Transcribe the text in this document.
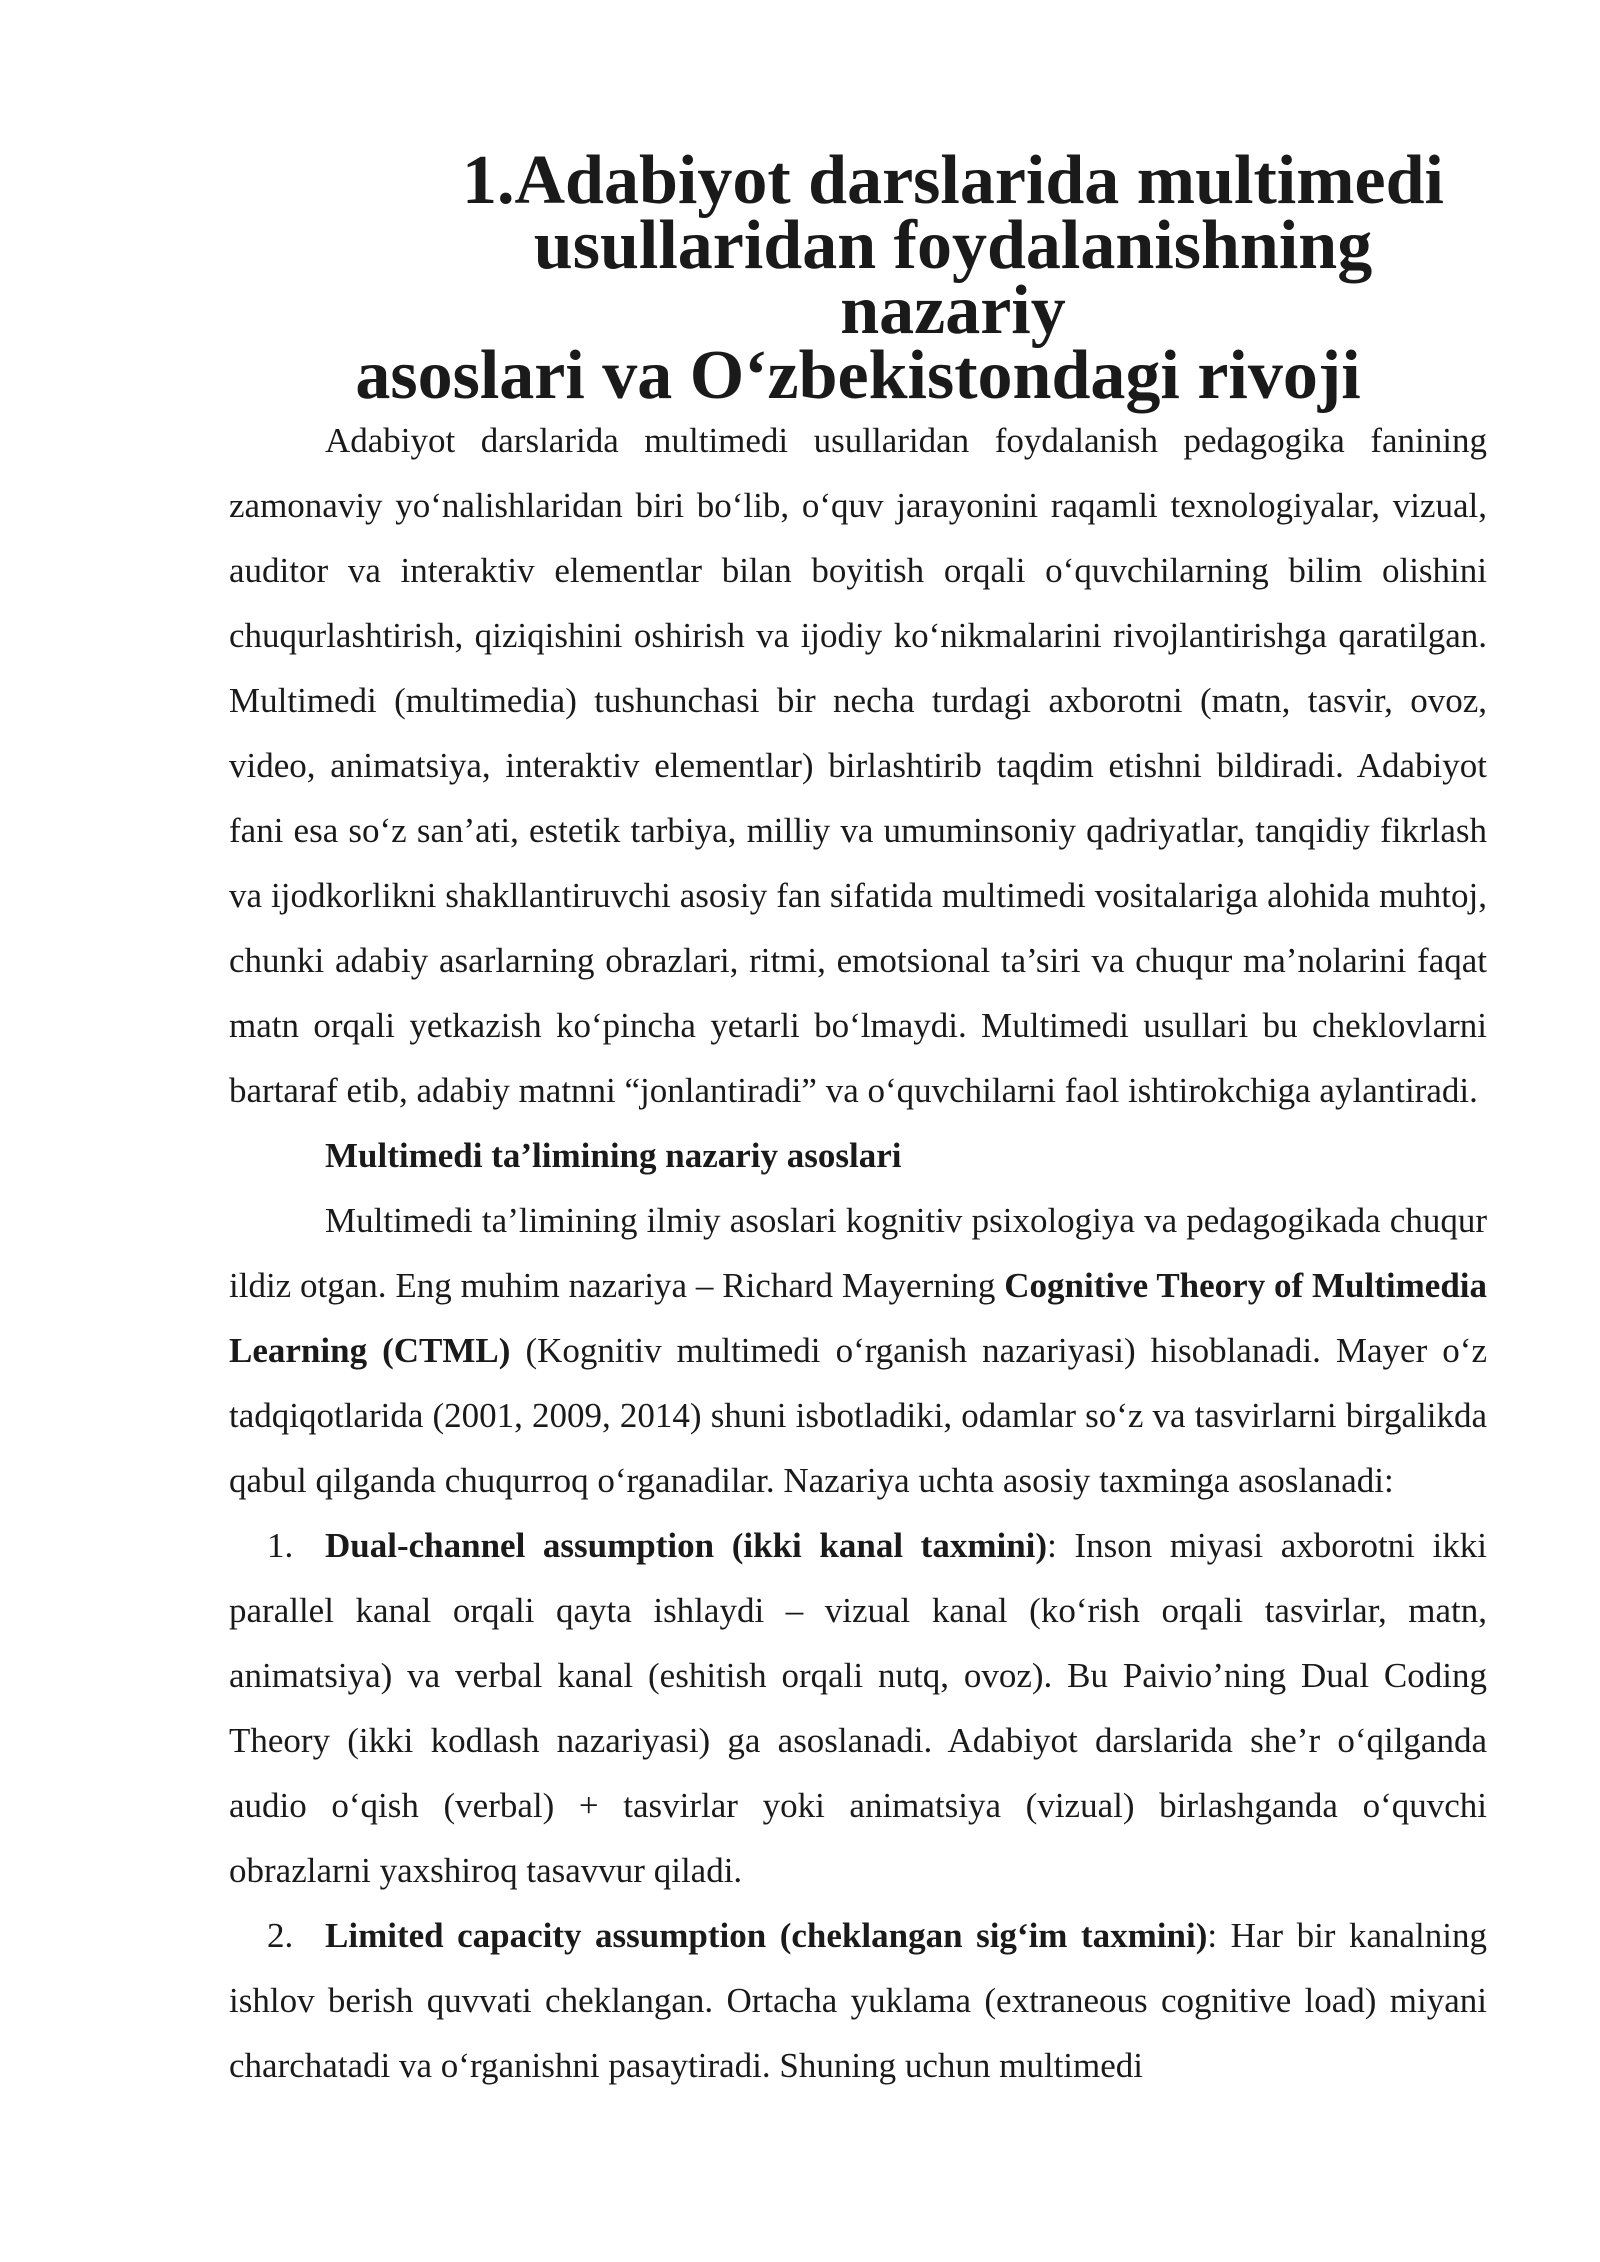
1.Adabiyot darslarida multimedi usullaridan foydalanishning nazariy
asoslari va O‘zbekistondagi rivoji

Adabiyot darslarida multimedi usullaridan foydalanish pedagogika fanining zamonaviy yo‘nalishlaridan biri bo‘lib, o‘quv jarayonini raqamli texnologiyalar, vizual, auditor va interaktiv elementlar bilan boyitish orqali o‘quvchilarning bilim olishini chuqurlashtirish, qiziqishini oshirish va ijodiy ko‘nikmalarini rivojlantirishga qaratilgan. Multimedi (multimedia) tushunchasi bir necha turdagi axborotni (matn, tasvir, ovoz, video, animatsiya, interaktiv elementlar) birlashtirib taqdim etishni bildiradi. Adabiyot fani esa so‘z san’ati, estetik tarbiya, milliy va umuminsoniy qadriyatlar, tanqidiy fikrlash va ijodkorlikni shakllantiruvchi asosiy fan sifatida multimedi vositalariga alohida muhtoj, chunki adabiy asarlarning obrazlari, ritmi, emotsional ta’siri va chuqur ma’nolarini faqat matn orqali yetkazish ko‘pincha yetarli bo‘lmaydi. Multimedi usullari bu cheklovlarni bartaraf etib, adabiy matnni “jonlantiradi” va o‘quvchilarni faol ishtirokchiga aylantiradi.

Multimedi ta’limining nazariy asoslari

Multimedi ta’limining ilmiy asoslari kognitiv psixologiya va pedagogikada chuqur ildiz otgan. Eng muhim nazariya – Richard Mayerning Cognitive Theory of Multimedia Learning (CTML) (Kognitiv multimedi o‘rganish nazariyasi) hisoblanadi. Mayer o‘z tadqiqotlarida (2001, 2009, 2014) shuni isbotladiki, odamlar so‘z va tasvirlarni birgalikda qabul qilganda chuqurroq o‘rganadilar. Nazariya uchta asosiy taxminga asoslanadi:

1. Dual-channel assumption (ikki kanal taxmini): Inson miyasi axborotni ikki parallel kanal orqali qayta ishlaydi – vizual kanal (ko‘rish orqali tasvirlar, matn, animatsiya) va verbal kanal (eshitish orqali nutq, ovoz). Bu Paivio’ning Dual Coding Theory (ikki kodlash nazariyasi) ga asoslanadi. Adabiyot darslarida she’r o‘qilganda audio o‘qish (verbal) + tasvirlar yoki animatsiya (vizual) birlashganda o‘quvchi obrazlarni yaxshiroq tasavvur qiladi.

2. Limited capacity assumption (cheklangan sig‘im taxmini): Har bir kanalning ishlov berish quvvati cheklangan. Ortacha yuklama (extraneous cognitive load) miyani charchatadi va o‘rganishni pasaytiradi. Shuning uchun multimedi
